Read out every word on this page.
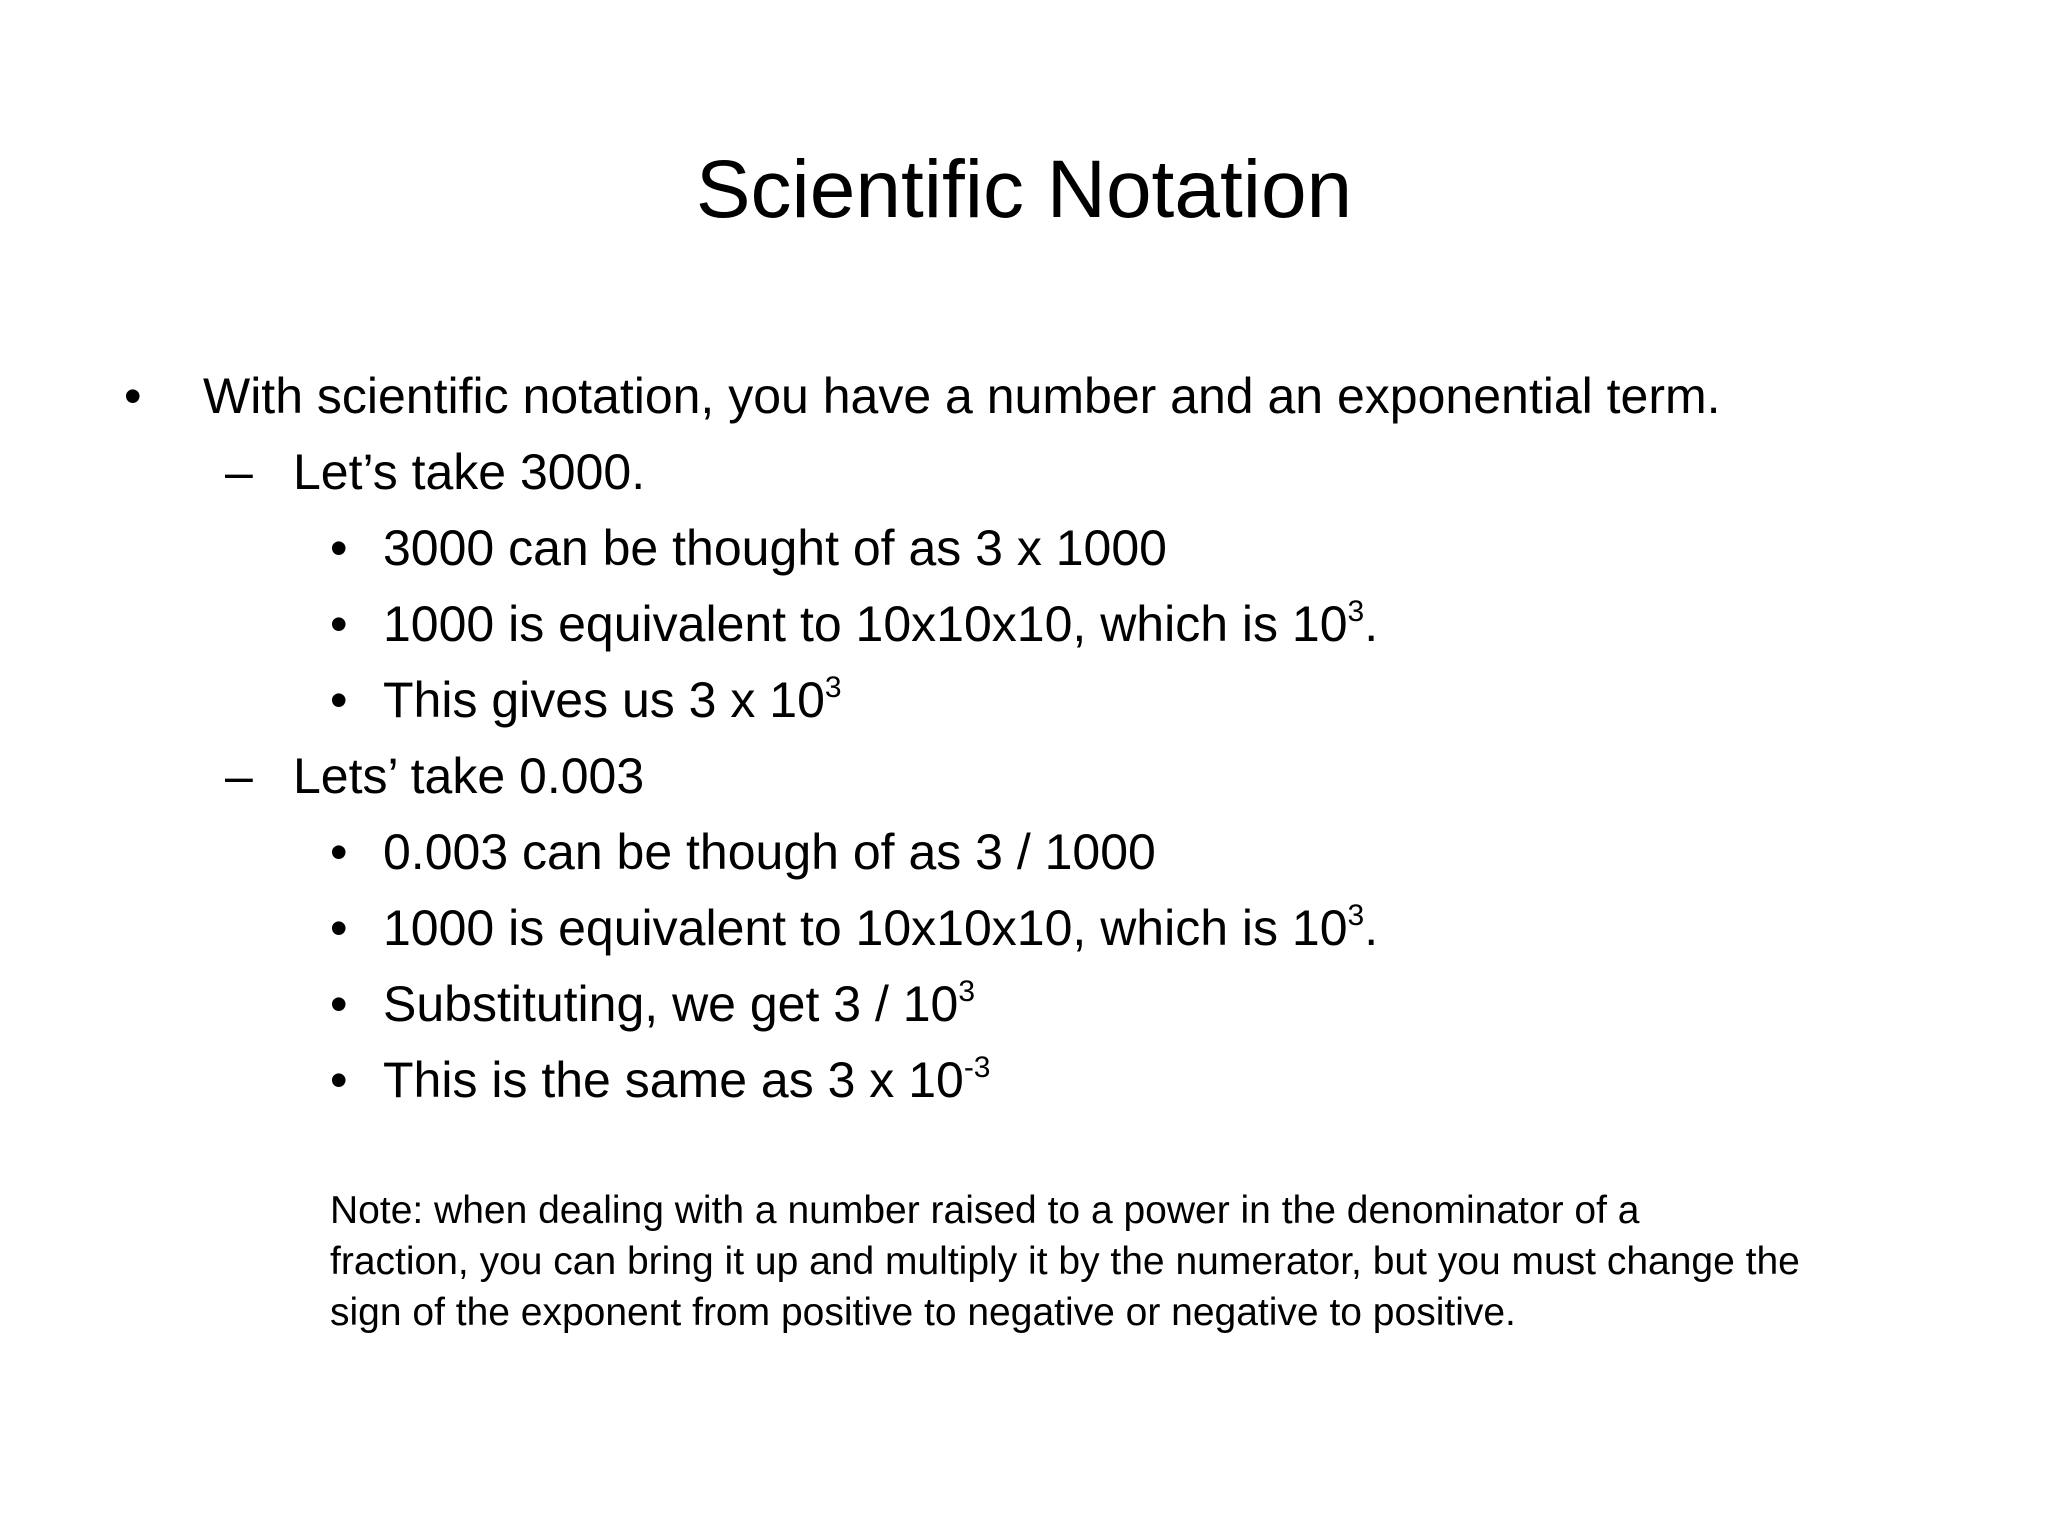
Scientific Notation
• With scientific notation, you have a number and an exponential term.
– Let’s take 3000.
• 3000 can be thought of as 3 x 1000
• 1000 is equivalent to 10x10x10, which is $10^3$.
• This gives us 3 x $10^3$
– Lets’ take 0.003
• 0.003 can be though of as 3 / 1000
• 1000 is equivalent to 10x10x10, which is $10^3$.
• Substituting, we get $3 / 10^3$
• This is the same as 3 x $10^{-3}$
Note: when dealing with a number raised to a power in the denominator of a
fraction, you can bring it up and multiply it by the numerator, but you must change the
sign of the exponent from positive to negative or negative to positive.
